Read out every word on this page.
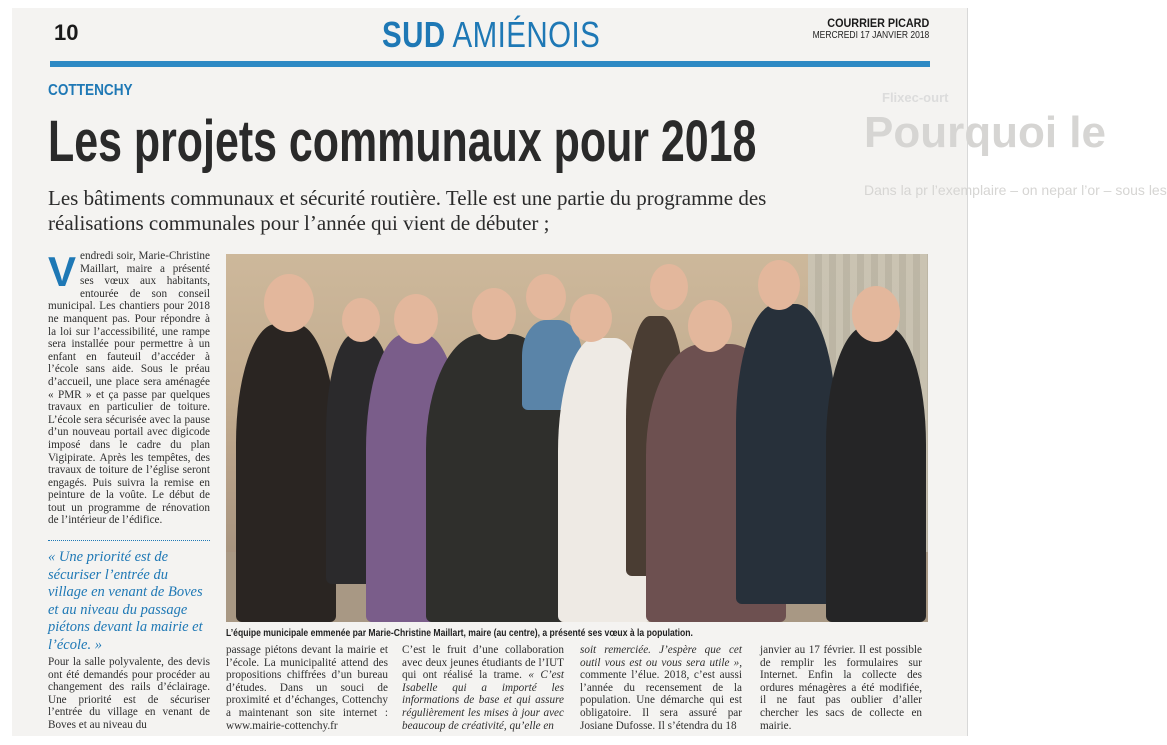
Flixec-ourt
Pourquoi le
Dans la pr l’exemplaire – on nepar l’or – sous les
10	SUD AMIÉNOIS	COURRIER PICARD
MERCREDI 17 JANVIER 2018
COTTENCHY
Les projets communaux pour 2018
Les bâtiments communaux et sécurité routière. Telle est une partie du programme des réalisations communales pour l’année qui vient de débuter ;
Vendredi soir, Marie-Christine Maillart, maire a présenté ses vœux aux habitants, entourée de son conseil municipal. Les chantiers pour 2018 ne manquent pas. Pour répondre à la loi sur l’accessibilité, une rampe sera installée pour permettre à un enfant en fauteuil d’accéder à l’école sans aide. Sous le préau d’accueil, une place sera aménagée « PMR » et ça passe par quelques travaux en particulier de toiture. L’école sera sécurisée avec la pause d’un nouveau portail avec digicode imposé dans le cadre du plan Vigipirate. Après les tempêtes, des travaux de toiture de l’église seront engagés. Puis suivra la remise en peinture de la voûte. Le début de tout un programme de rénovation de l’intérieur de l’édifice.
« Une priorité est de sécuriser l’entrée du village en venant de Boves et au niveau du passage piétons devant la mairie et l’école. »
L’équipe municipale emmenée par Marie-Christine Maillart, maire (au centre), a présenté ses vœux à la population.
Pour la salle polyvalente, des devis ont été demandés pour procéder au changement des rails d’éclairage. Une priorité est de sécuriser l’entrée du village en venant de Boves et au niveau du
passage piétons devant la mairie et l’école. La municipalité attend des propositions chiffrées d’un bureau d’études. Dans un souci de proximité et d’échanges, Cottenchy a maintenant son site internet : www.mairie-cottenchy.fr
C’est le fruit d’une collaboration avec deux jeunes étudiants de l’IUT qui ont réalisé la trame. « C’est Isabelle qui a importé les informations de base et qui assure régulièrement les mises à jour avec beaucoup de créativité, qu’elle en
soit remerciée. J’espère que cet outil vous est ou vous sera utile », commente l’élue. 2018, c’est aussi l’année du recensement de la population. Une démarche qui est obligatoire. Il sera assuré par Josiane Dufosse. Il s’étendra du 18
janvier au 17 février. Il est possible de remplir les formulaires sur Internet. Enfin la collecte des ordures ménagères a été modifiée, il ne faut pas oublier d’aller chercher les sacs de collecte en mairie.
